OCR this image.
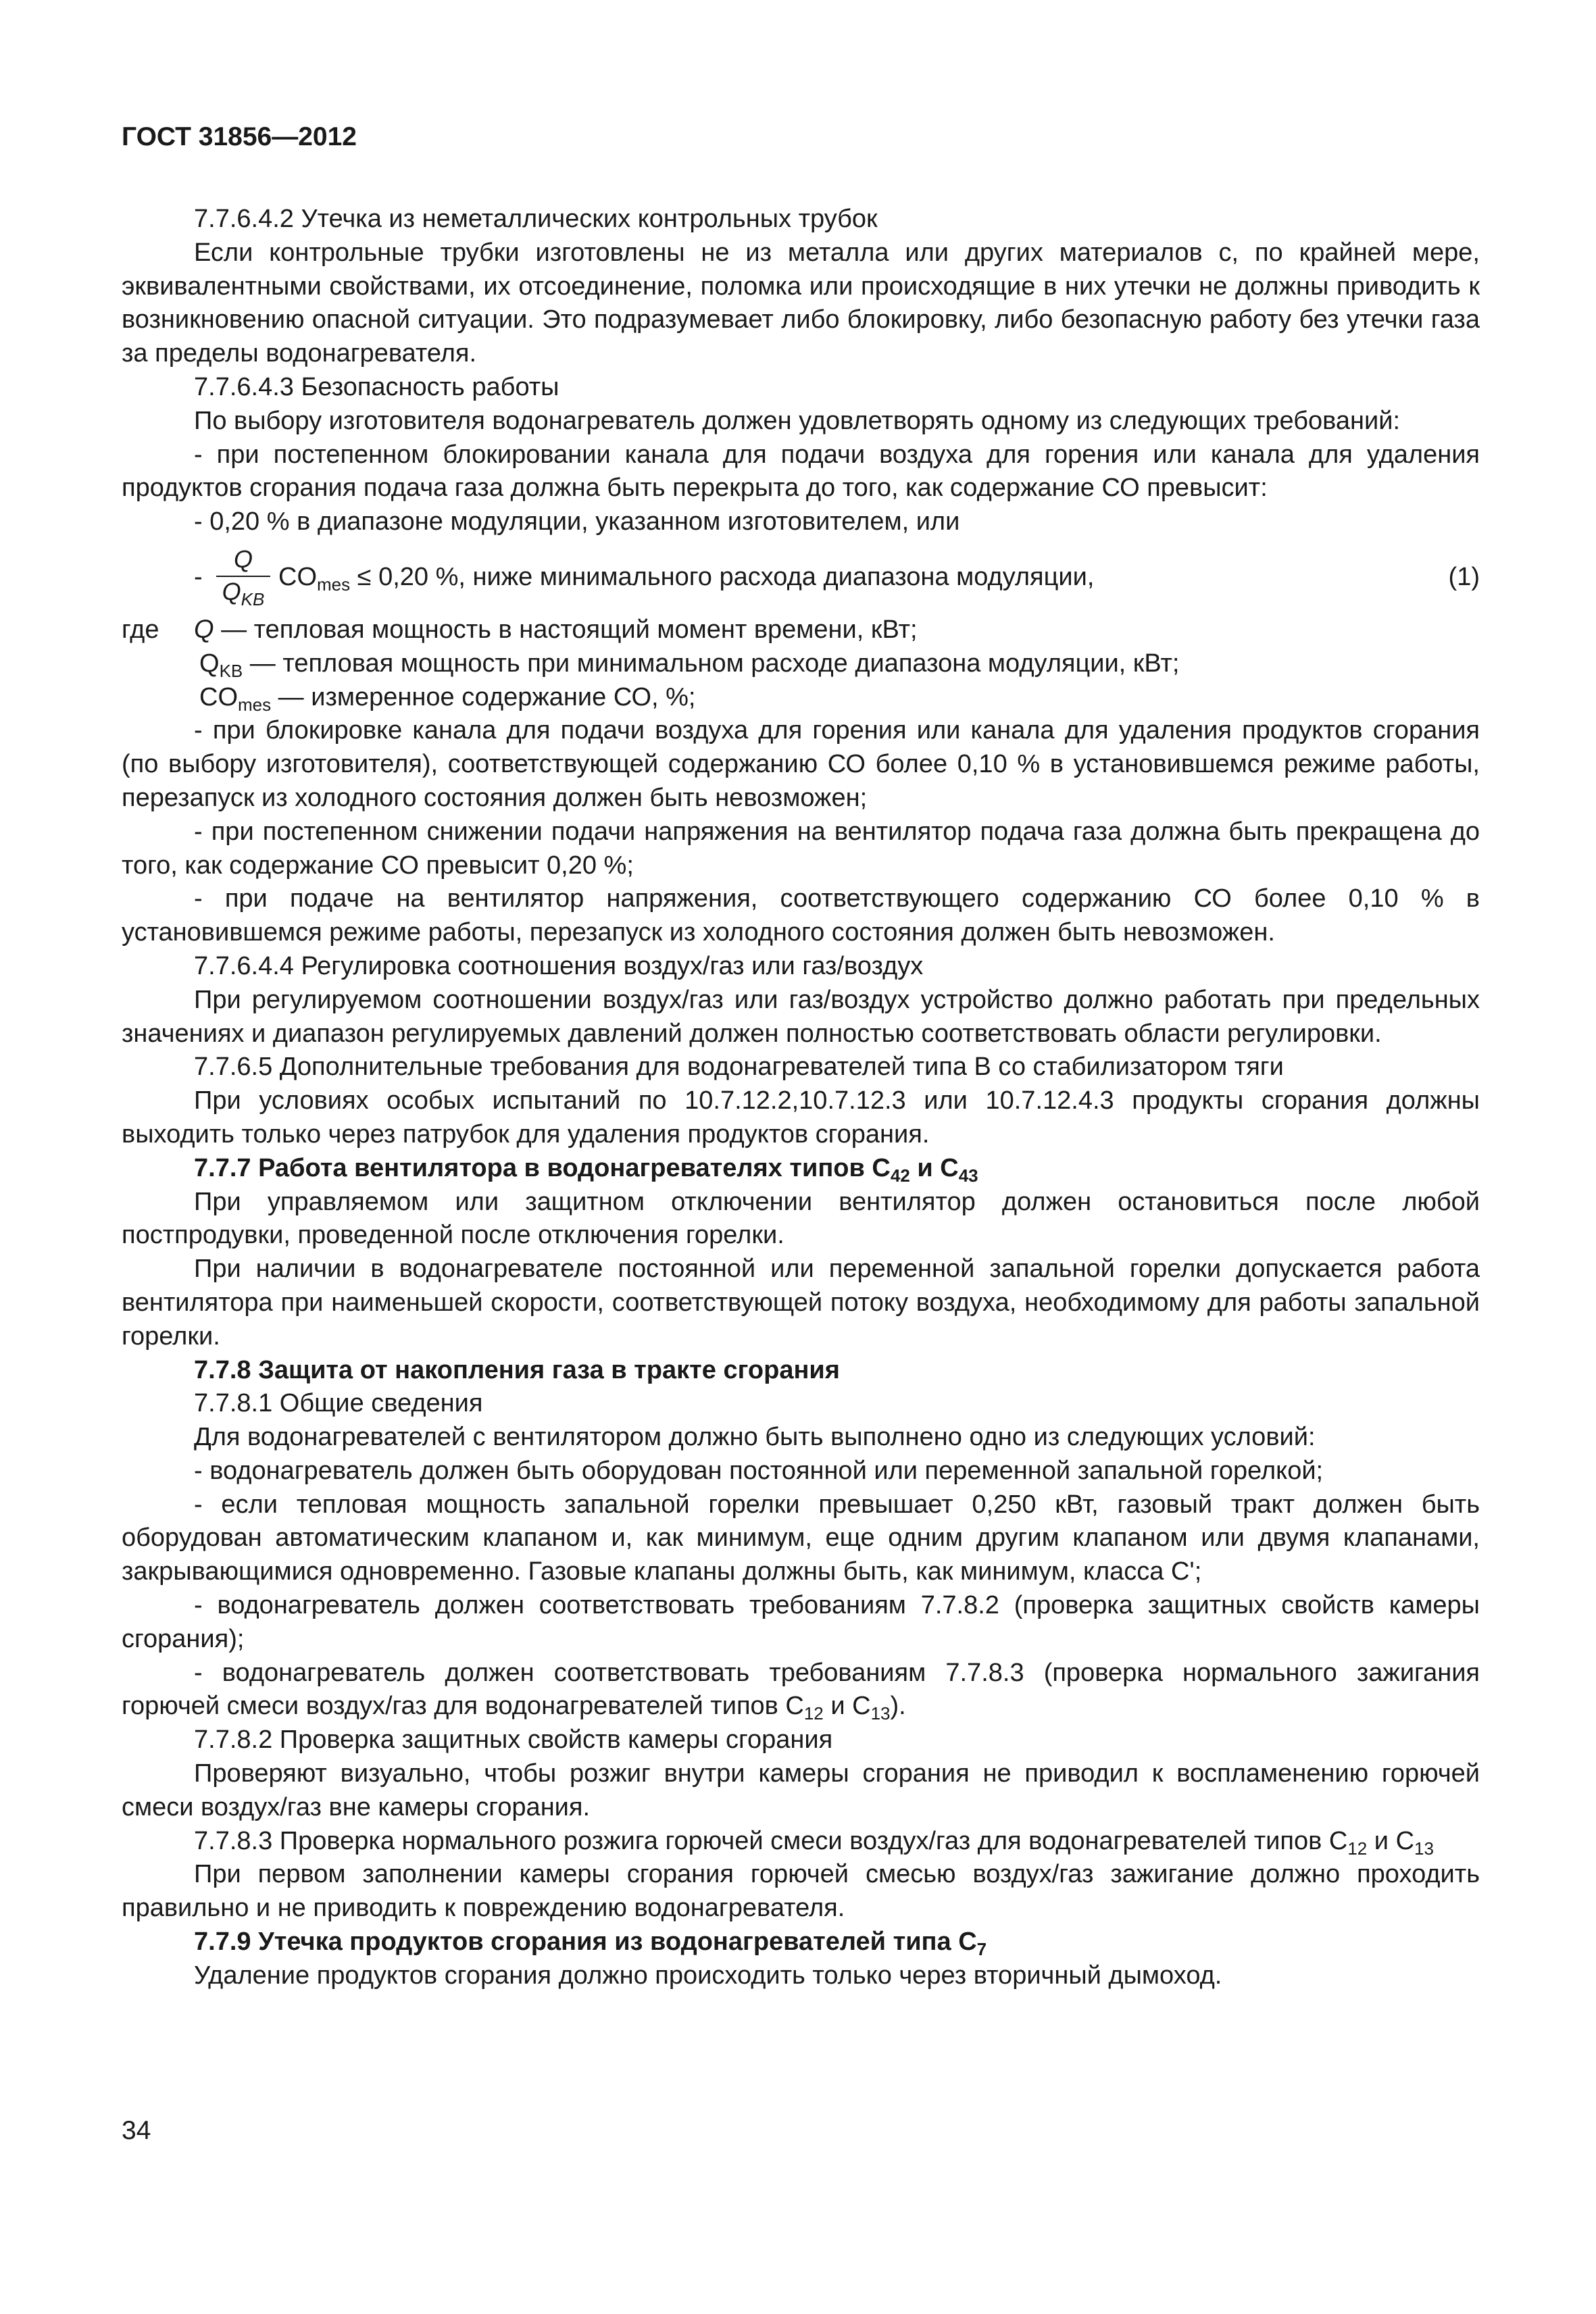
ГОСТ 31856—2012

7.7.6.4.2 Утечка из неметаллических контрольных трубок

Если контрольные трубки изготовлены не из металла или других материалов с, по крайней мере, эквивалентными свойствами, их отсоединение, поломка или происходящие в них утечки не должны приводить к возникновению опасной ситуации. Это подразумевает либо блокировку, либо безопасную работу без утечки газа за пределы водонагревателя.

7.7.6.4.3 Безопасность работы

По выбору изготовителя водонагреватель должен удовлетворять одному из следующих требований:

- при постепенном блокировании канала для подачи воздуха для горения или канала для удаления продуктов сгорания подача газа должна быть перекрыта до того, как содержание СО превысит:

- 0,20 % в диапазоне модуляции, указанном изготовителем, или

-
Q
$Q_{KB}$
$CO_{mes} \le 0,20$ %, ниже минимального расхода диапазона модуляции,	(1)
где Q — тепловая мощность в настоящий момент времени, кВт;
$Q_{KB}$ — тепловая мощность при минимальном расходе диапазона модуляции, кВт;
$CO_{mes}$ — измеренное содержание СО, %;

- при блокировке канала для подачи воздуха для горения или канала для удаления продуктов сгорания (по выбору изготовителя), соответствующей содержанию СО более 0,10 % в установившемся режиме работы, перезапуск из холодного состояния должен быть невозможен;

- при постепенном снижении подачи напряжения на вентилятор подача газа должна быть прекращена до того, как содержание СО превысит 0,20 %;

- при подаче на вентилятор напряжения, соответствующего содержанию СО более 0,10 % в установившемся режиме работы, перезапуск из холодного состояния должен быть невозможен.

7.7.6.4.4 Регулировка соотношения воздух/газ или газ/воздух

При регулируемом соотношении воздух/газ или газ/воздух устройство должно работать при предельных значениях и диапазон регулируемых давлений должен полностью соответствовать области регулировки.

7.7.6.5 Дополнительные требования для водонагревателей типа В со стабилизатором тяги

При условиях особых испытаний по 10.7.12.2,10.7.12.3 или 10.7.12.4.3 продукты сгорания должны выходить только через патрубок для удаления продуктов сгорания.

7.7.7 Работа вентилятора в водонагревателях типов $C_{42}$ и $C_{43}$

При управляемом или защитном отключении вентилятор должен остановиться после любой постпродувки, проведенной после отключения горелки.

При наличии в водонагревателе постоянной или переменной запальной горелки допускается работа вентилятора при наименьшей скорости, соответствующей потоку воздуха, необходимому для работы запальной горелки.

7.7.8 Защита от накопления газа в тракте сгорания

7.7.8.1 Общие сведения

Для водонагревателей с вентилятором должно быть выполнено одно из следующих условий:

- водонагреватель должен быть оборудован постоянной или переменной запальной горелкой;

- если тепловая мощность запальной горелки превышает 0,250 кВт, газовый тракт должен быть оборудован автоматическим клапаном и, как минимум, еще одним другим клапаном или двумя клапанами, закрывающимися одновременно. Газовые клапаны должны быть, как минимум, класса С';

- водонагреватель должен соответствовать требованиям 7.7.8.2 (проверка защитных свойств камеры сгорания);

- водонагреватель должен соответствовать требованиям 7.7.8.3 (проверка нормального зажигания горючей смеси воздух/газ для водонагревателей типов $С_{12}$ и $С_{13}$).

7.7.8.2 Проверка защитных свойств камеры сгорания

Проверяют визуально, чтобы розжиг внутри камеры сгорания не приводил к воспламенению горючей смеси воздух/газ вне камеры сгорания.

7.7.8.3 Проверка нормального розжига горючей смеси воздух/газ для водонагревателей типов $С_{12}$ и $С_{13}$

При первом заполнении камеры сгорания горючей смесью воздух/газ зажигание должно проходить правильно и не приводить к повреждению водонагревателя.

7.7.9 Утечка продуктов сгорания из водонагревателей типа $С_7$

Удаление продуктов сгорания должно происходить только через вторичный дымоход.

34
